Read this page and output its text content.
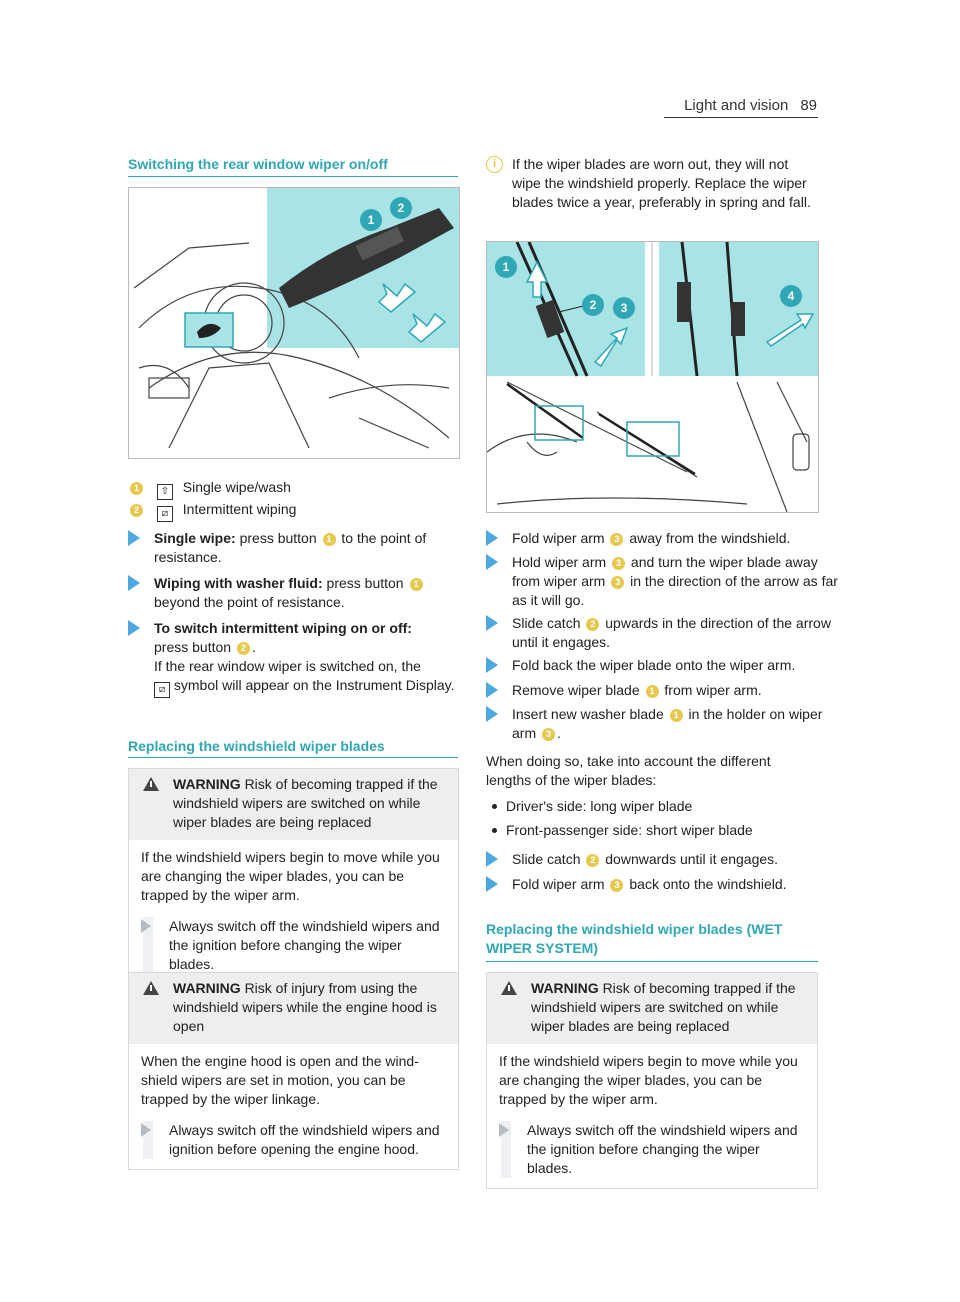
Light and vision 89
Switching the rear window wiper on/off
1
2
1 ⇧ Single wipe/wash
2 ⧄ Intermittent wiping
Single wipe: press button 1 to the point of resistance.
Wiping with washer fluid: press button 1 beyond the point of resistance.
To switch intermittent wiping on or off:
press button 2 .
If the rear window wiper is switched on, the
⧄ symbol will appear on the Instrument Display.
Replacing the windshield wiper blades
WARNING Risk of becoming trapped if the windshield wipers are switched on while wiper blades are being replaced
If the windshield wipers begin to move while you are changing the wiper blades, you can be trapped by the wiper arm.
Always switch off the windshield wipers and the ignition before changing the wiper blades.
WARNING Risk of injury from using the windshield wipers while the engine hood is open
When the engine hood is open and the wind- shield wipers are set in motion, you can be trapped by the wiper linkage.
Always switch off the windshield wipers and ignition before opening the engine hood.
i	If the wiper blades are worn out, they will not wipe the windshield properly. Replace the wiper blades twice a year, preferably in spring and fall.
1
2 3
4
Fold wiper arm 3 away from the windshield.
Hold wiper arm 3 and turn the wiper blade away from wiper arm 3 in the direction of the arrow as far as it will go.
Slide catch 2 upwards in the direction of the arrow until it engages.
Fold back the wiper blade onto the wiper arm.
Remove wiper blade 1 from wiper arm.
Insert new washer blade 1 in the holder on wiper arm 3 .
When doing so, take into account the different lengths of the wiper blades:
Driver's side: long wiper blade
Front-passenger side: short wiper blade
Slide catch 2 downwards until it engages.
Fold wiper arm 3 back onto the windshield.
Replacing the windshield wiper blades (WET WIPER SYSTEM)
WARNING Risk of becoming trapped if the windshield wipers are switched on while wiper blades are being replaced
If the windshield wipers begin to move while you are changing the wiper blades, you can be trapped by the wiper arm.
Always switch off the windshield wipers and the ignition before changing the wiper blades.
